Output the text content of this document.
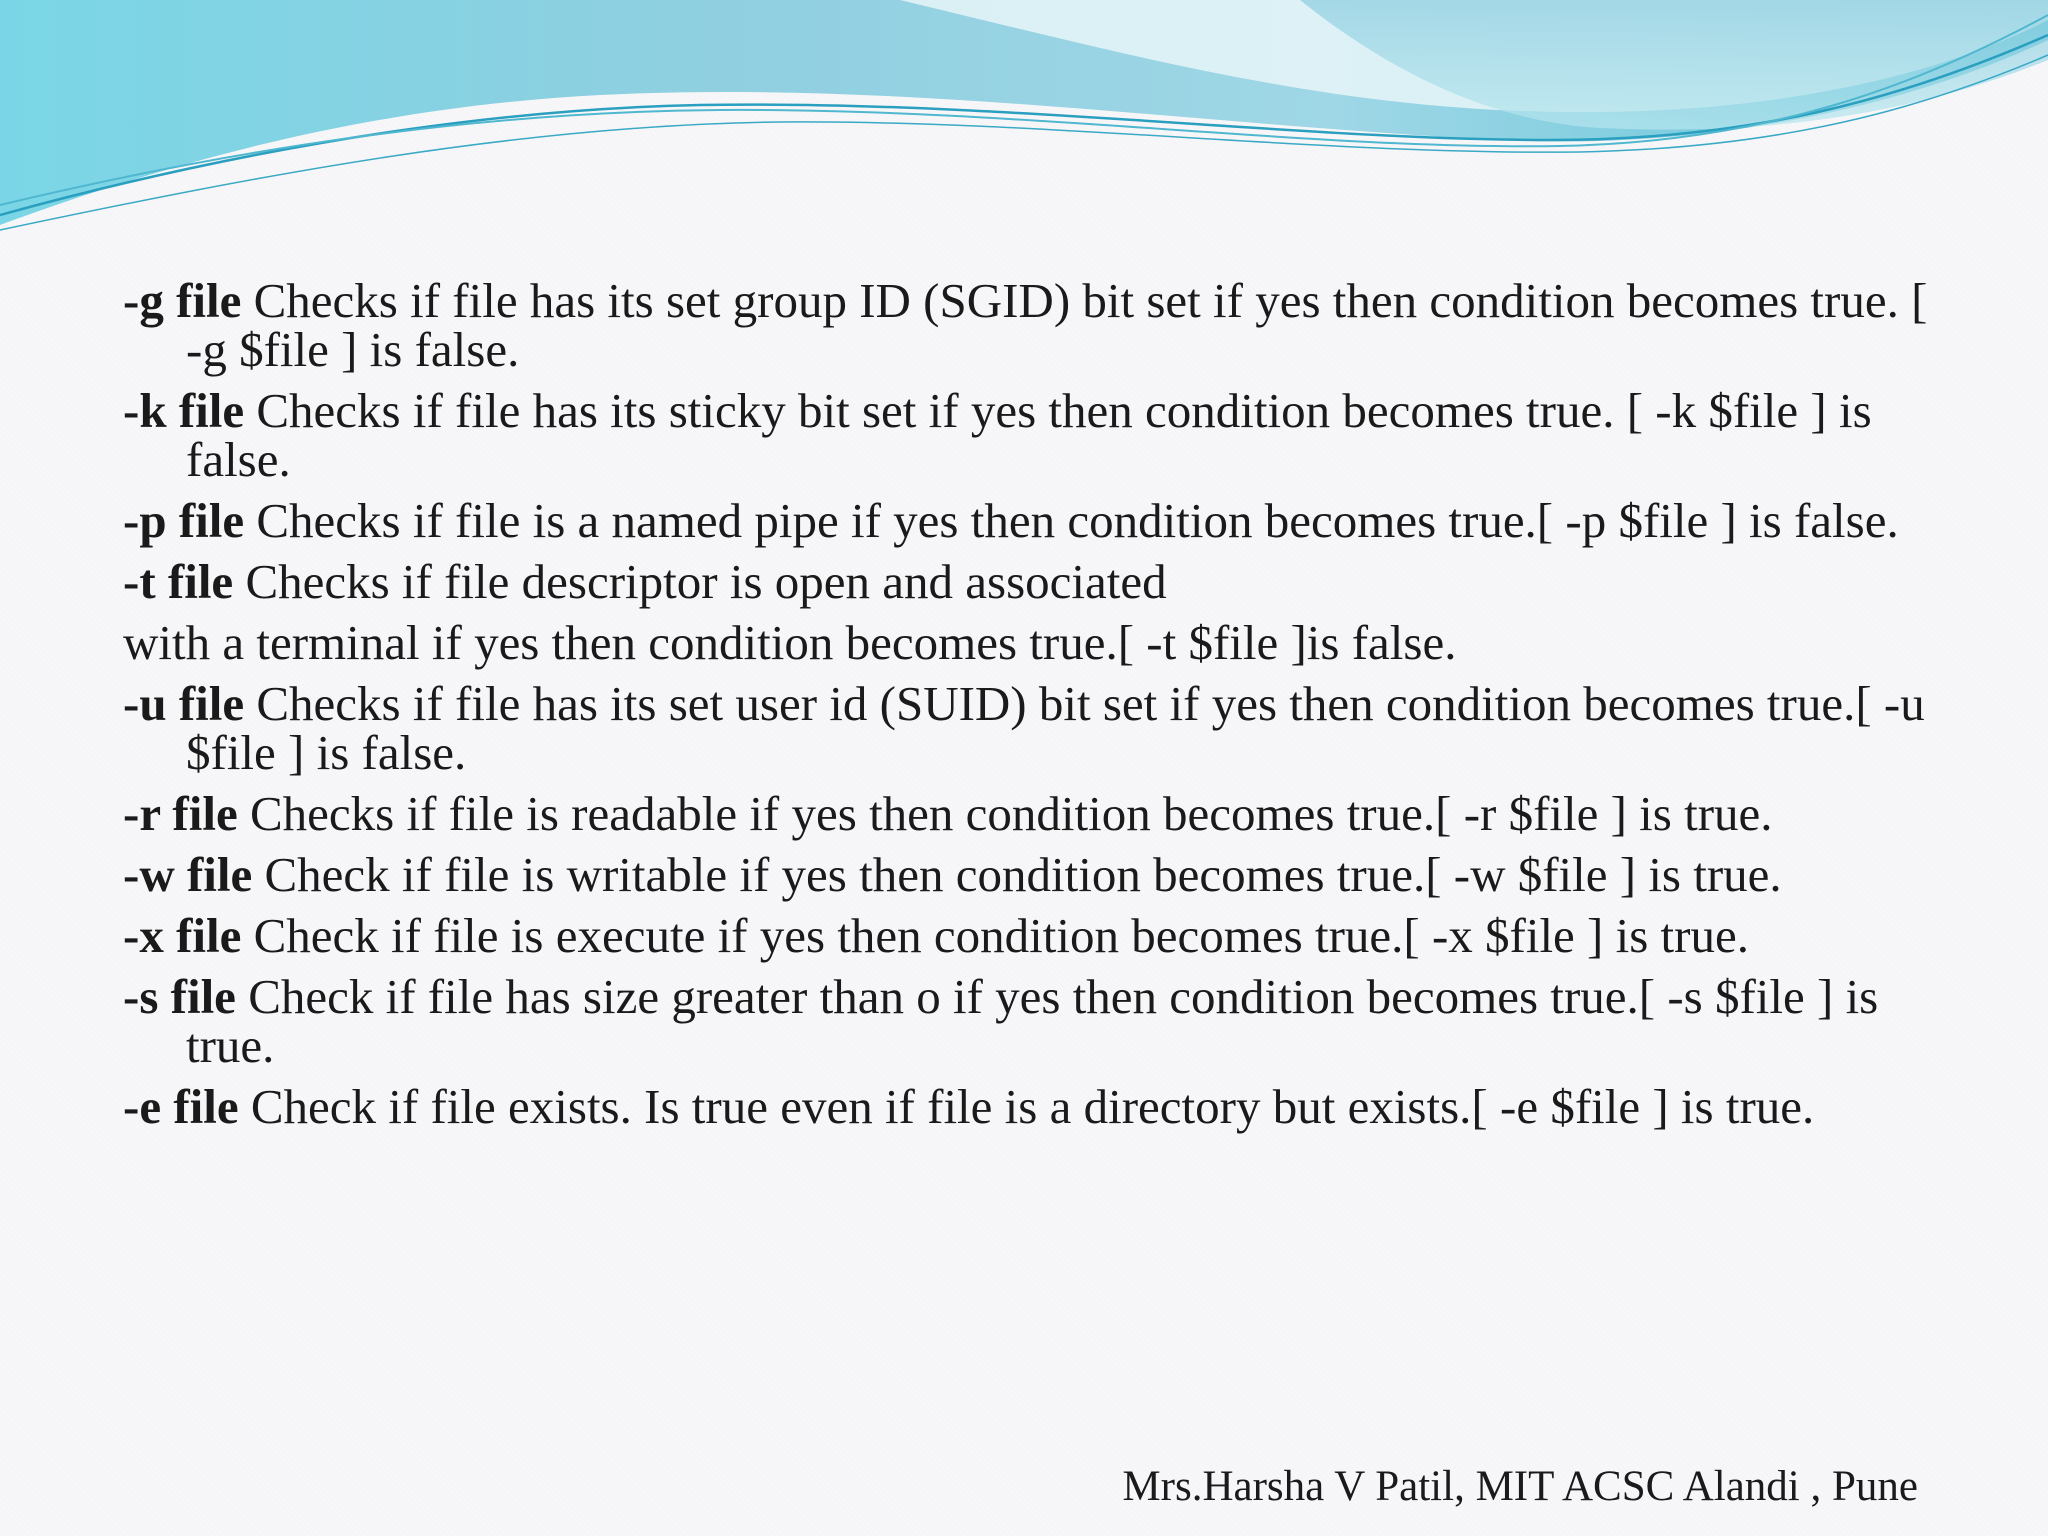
-g file Checks if file has its set group ID (SGID) bit set if yes then condition becomes true. [ -g $file ] is false.

-k file Checks if file has its sticky bit set if yes then condition becomes true. [ -k $file ] is false.

-p file Checks if file is a named pipe if yes then condition becomes true.[ -p $file ] is false.

-t file Checks if file descriptor is open and associated

with a terminal if yes then condition becomes true.[ -t $file ]is false.

-u file Checks if file has its set user id (SUID) bit set if yes then condition becomes true.[ -u $file ] is false.

-r file Checks if file is readable if yes then condition becomes true.[ -r $file ] is true.

-w file Check if file is writable if yes then condition becomes true.[ -w $file ] is true.

-x file Check if file is execute if yes then condition becomes true.[ -x $file ] is true.

-s file Check if file has size greater than o if yes then condition becomes true.[ -s $file ] is true.

-e file Check if file exists. Is true even if file is a directory but exists.[ -e $file ] is true.

Mrs.Harsha V Patil, MIT ACSC Alandi , Pune
